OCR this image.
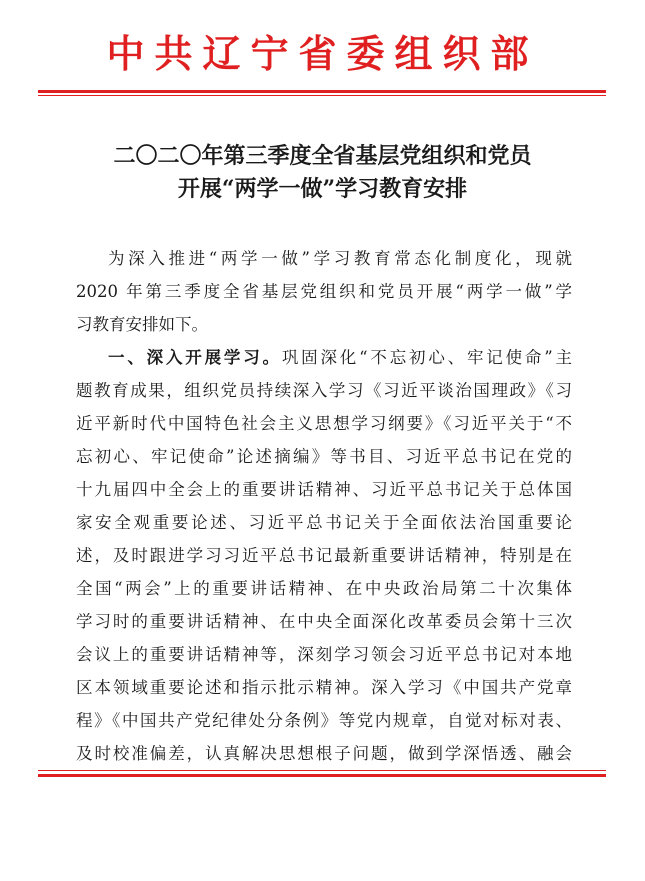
中共辽宁省委组织部
二〇二〇年第三季度全省基层党组织和党员
开展“两学一做”学习教育安排
为深入推进“两学一做”学习教育常态化制度化，现就
2020 年第三季度全省基层党组织和党员开展“两学一做”学
习教育安排如下。
一、深入开展学习。巩固深化“不忘初心、牢记使命”主
题教育成果，组织党员持续深入学习《习近平谈治国理政》《习
近平新时代中国特色社会主义思想学习纲要》《习近平关于“不
忘初心、牢记使命”论述摘编》等书目、习近平总书记在党的
十九届四中全会上的重要讲话精神、习近平总书记关于总体国
家安全观重要论述、习近平总书记关于全面依法治国重要论
述，及时跟进学习习近平总书记最新重要讲话精神，特别是在
全国“两会”上的重要讲话精神、在中央政治局第二十次集体
学习时的重要讲话精神、在中央全面深化改革委员会第十三次
会议上的重要讲话精神等，深刻学习领会习近平总书记对本地
区本领域重要论述和指示批示精神。深入学习《中国共产党章
程》《中国共产党纪律处分条例》等党内规章，自觉对标对表、
及时校准偏差，认真解决思想根子问题，做到学深悟透、融会
